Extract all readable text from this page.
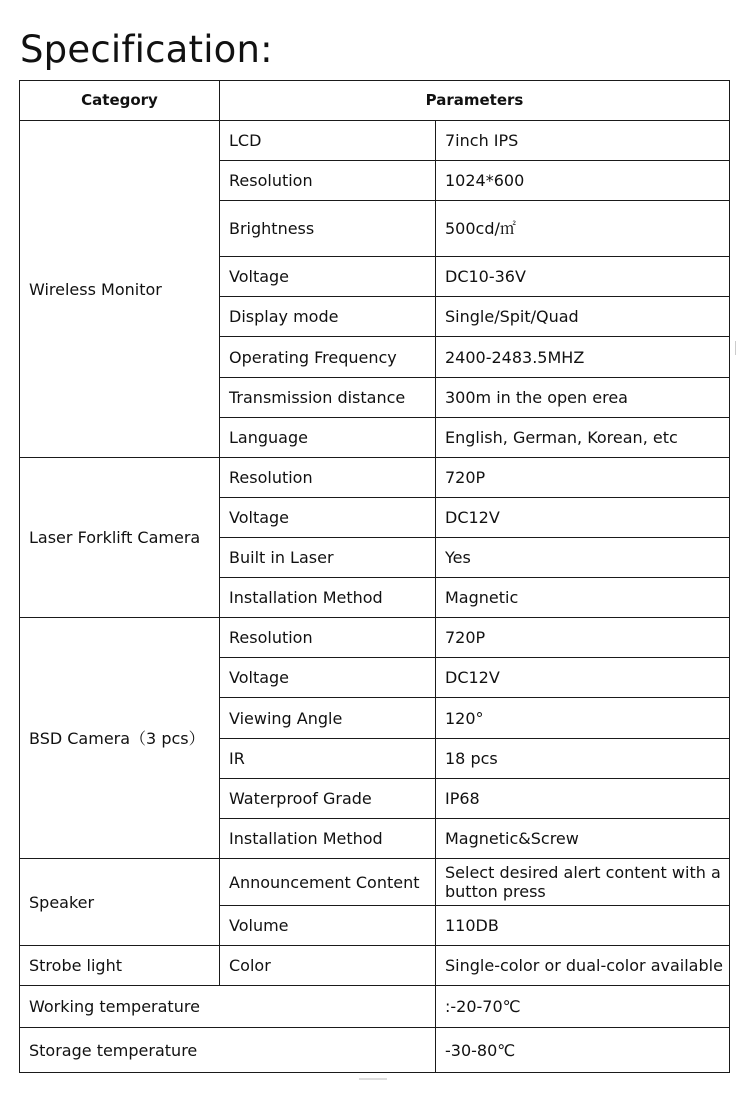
Specification:
Category	Parameters	
Wireless Monitor	LCD	7inch IPS
	Resolution	1024*600
	Brightness	500cd/㎡
	Voltage	DC10-36V
	Display mode	Single/Spit/Quad
	Operating Frequency	2400-2483.5MHZ
	Transmission distance	300m in the open erea
	Language	English, German, Korean, etc
Laser Forklift Camera	Resolution	720P
	Voltage	DC12V
	Built in Laser	Yes
	Installation Method	Magnetic
BSD Camera（3 pcs）	Resolution	720P
	Voltage	DC12V
	Viewing Angle	120°
	IR	18 pcs
	Waterproof Grade	IP68
	Installation Method	Magnetic&Screw
Speaker	Announcement Content	Select desired alert content with a button press
	Volume	110DB
Strobe light	Color	Single-color or dual-color available
Working temperature		:-20-70℃
Storage temperature		-30-80℃
